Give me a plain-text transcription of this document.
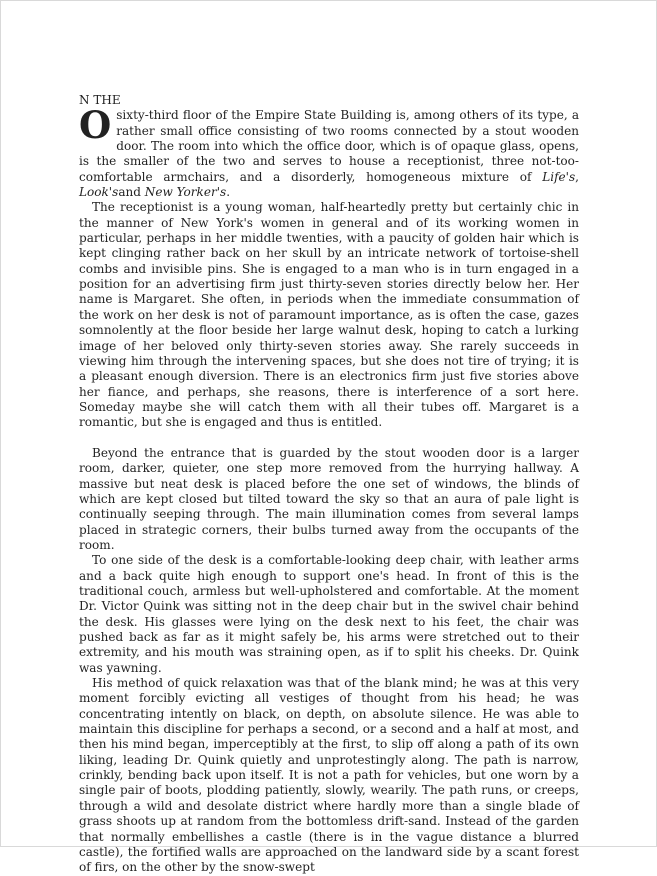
N THE

Osixty-third floor of the Empire State Building is, among others of its type, a rather small office consisting of two rooms connected by a stout wooden door. The room into which the office door, which is of opaque glass, opens, is the smaller of the two and serves to house a receptionist, three not-too-comfortable armchairs, and a disorderly, homogeneous mixture of Life's, Look'sand New Yorker's.

The receptionist is a young woman, half-heartedly pretty but certainly chic in the manner of New York's women in general and of its working women in particular, perhaps in her middle twenties, with a paucity of golden hair which is kept clinging rather back on her skull by an intricate network of tortoise-shell combs and invisible pins. She is engaged to a man who is in turn engaged in a position for an advertising firm just thirty-seven stories directly below her. Her name is Margaret. She often, in periods when the immediate consummation of the work on her desk is not of paramount importance, as is often the case, gazes somnolently at the floor beside her large walnut desk, hoping to catch a lurking image of her beloved only thirty-seven stories away. She rarely succeeds in viewing him through the intervening spaces, but she does not tire of trying; it is a pleasant enough diversion. There is an electronics firm just five stories above her fiance, and perhaps, she reasons, there is interference of a sort here. Someday maybe she will catch them with all their tubes off. Margaret is a romantic, but she is engaged and thus is entitled.

Beyond the entrance that is guarded by the stout wooden door is a larger room, darker, quieter, one step more removed from the hurrying hallway. A massive but neat desk is placed before the one set of windows, the blinds of which are kept closed but tilted toward the sky so that an aura of pale light is continually seeping through. The main illumination comes from several lamps placed in strategic corners, their bulbs turned away from the occupants of the room.

To one side of the desk is a comfortable-looking deep chair, with leather arms and a back quite high enough to support one's head. In front of this is the traditional couch, armless but well-upholstered and comfortable. At the moment Dr. Victor Quink was sitting not in the deep chair but in the swivel chair behind the desk. His glasses were lying on the desk next to his feet, the chair was pushed back as far as it might safely be, his arms were stretched out to their extremity, and his mouth was straining open, as if to split his cheeks. Dr. Quink was yawning.

His method of quick relaxation was that of the blank mind; he was at this very moment forcibly evicting all vestiges of thought from his head; he was concentrating intently on black, on depth, on absolute silence. He was able to maintain this discipline for perhaps a second, or a second and a half at most, and then his mind began, imperceptibly at the first, to slip off along a path of its own liking, leading Dr. Quink quietly and unprotestingly along. The path is narrow, crinkly, bending back upon itself. It is not a path for vehicles, but one worn by a single pair of boots, plodding patiently, slowly, wearily. The path runs, or creeps, through a wild and desolate district where hardly more than a single blade of grass shoots up at random from the bottomless drift-sand. Instead of the garden that normally embellishes a castle (there is in the vague distance a blurred castle), the fortified walls are approached on the landward side by a scant forest of firs, on the other by the snow-swept
